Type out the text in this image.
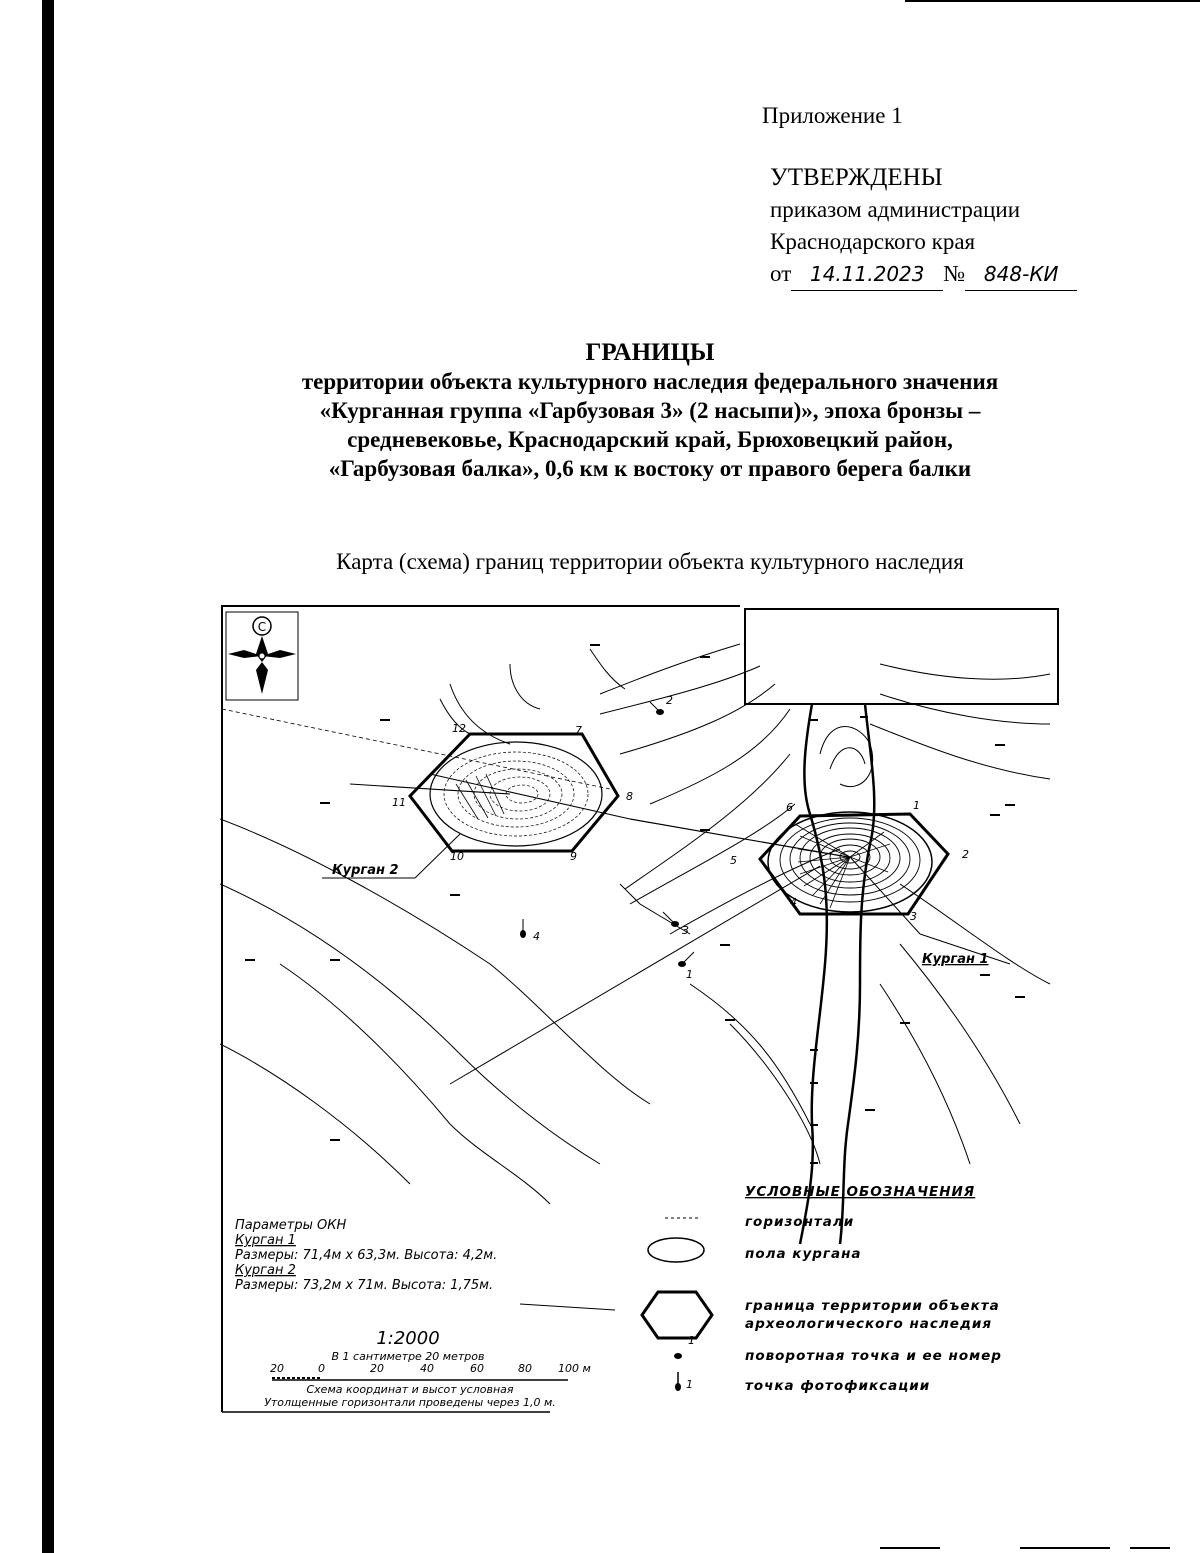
Приложение 1
УТВЕРЖДЕНЫ
приказом администрации
Краснодарского края
от 14.11.2023 № 848-КИ
ГРАНИЦЫ
территории объекта культурного наследия федерального значения
«Курганная группа «Гарбузовая 3» (2 насыпи)», эпоха бронзы –
средневековье, Краснодарский край, Брюховецкий район,
«Гарбузовая балка», 0,6 км к востоку от правого берега балки
Карта (схема) границ территории объекта культурного наследия
С
1
2
3
4
5
6
7
8
9
10
11
12
2
3
4
1
Курган 1
Курган 2
Параметры ОКН
Курган 1
Размеры: 71,4м х 63,3м. Высота: 4,2м.
Курган 2
Размеры: 73,2м х 71м. Высота: 1,75м.
1:2000
В 1 сантиметре 20 метров
20	0	20	40	60	80 100 м
Схема координат и высот условная
Утолщенные горизонтали проведены через 1,0 м.
УСЛОВНЫЕ ОБОЗНАЧЕНИЯ
горизонтали
пола кургана
граница территории объекта
археологического наследия
1
поворотная точка и ее номер
1	точка фотофиксации
